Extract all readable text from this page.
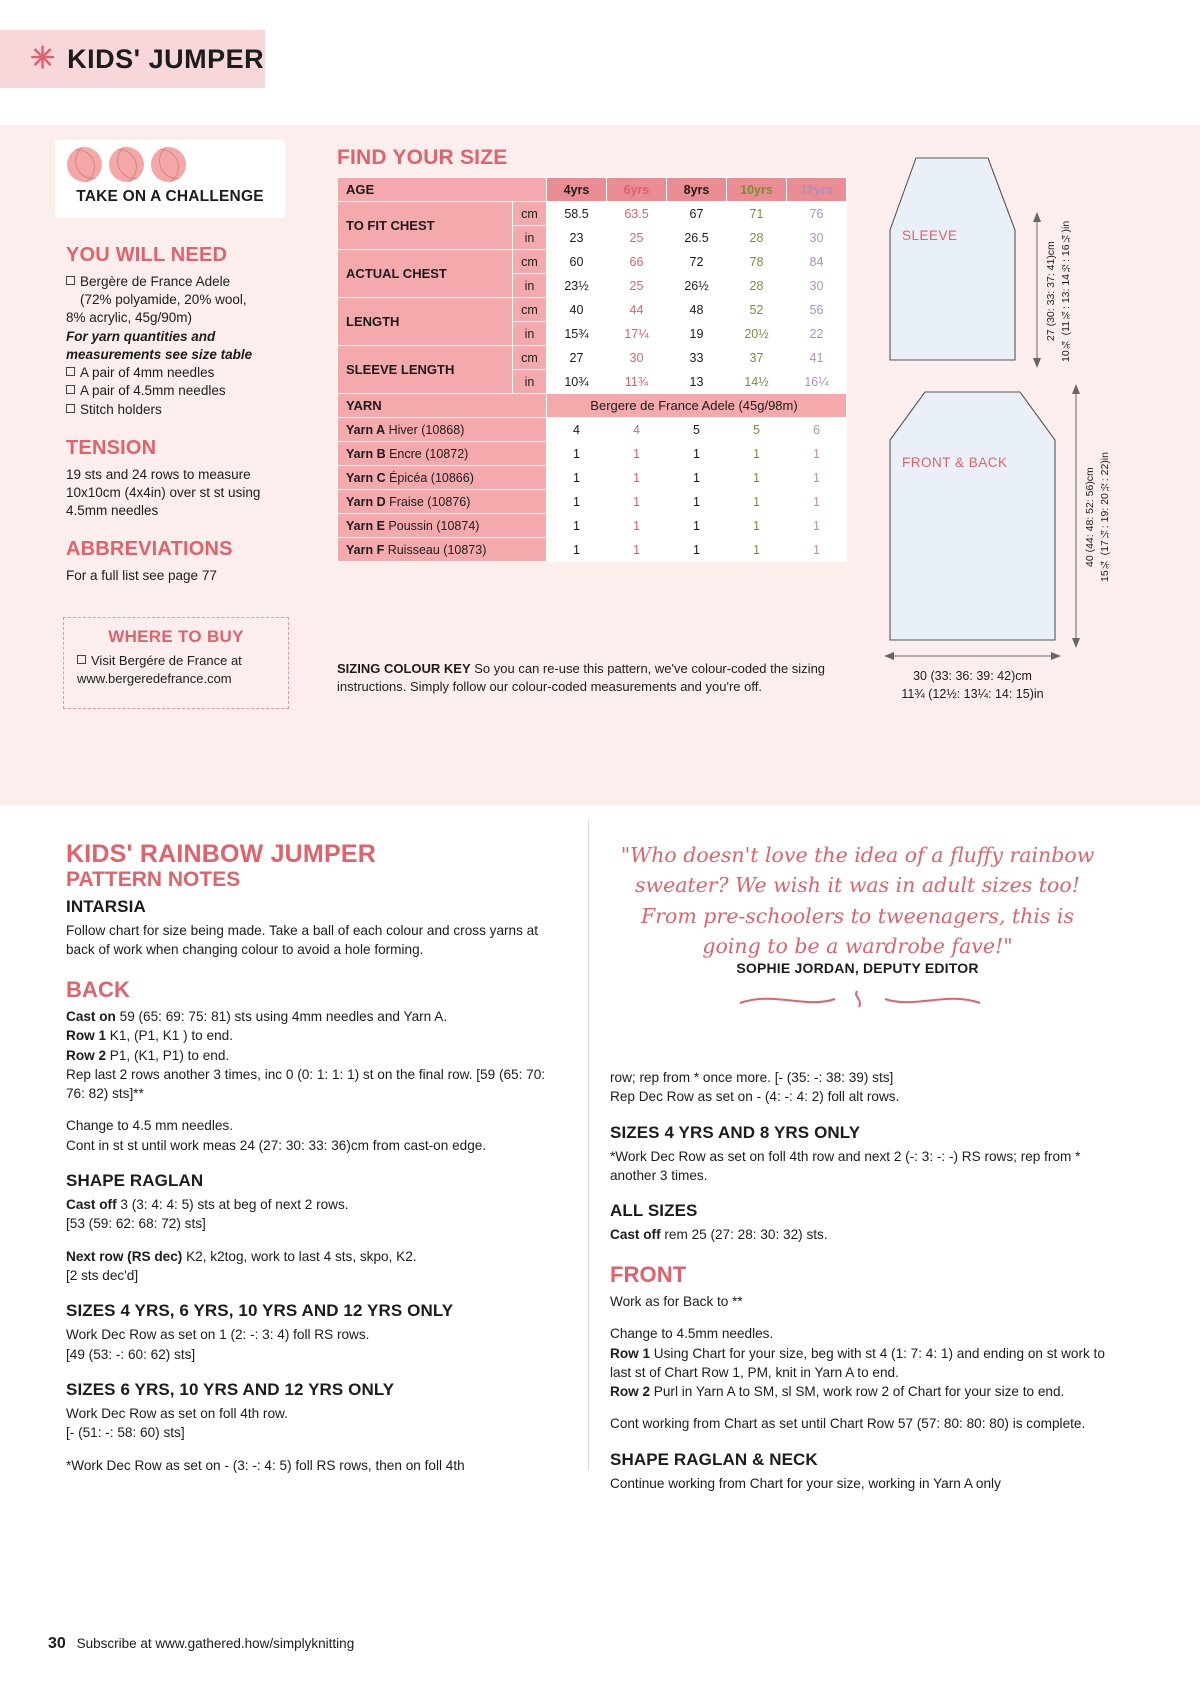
✳ KIDS' JUMPER
TAKE ON A CHALLENGE
YOU WILL NEED

Bergère de France Adele

(72% polyamide, 20% wool,

8% acrylic, 45g/90m)

For yarn quantities and

measurements see size table

A pair of 4mm needles

A pair of 4.5mm needles

Stitch holders

TENSION

19 sts and 24 rows to measure 10x10cm (4x4in) over st st using 4.5mm needles

ABBREVIATIONS

For a full list see page 77

WHERE TO BUY
Visit Bergére de France at
www.bergeredefrance.com
FIND YOUR SIZE
AGE		4yrs	6yrs	8yrs	10yrs	12yrs
TO FIT CHEST	cm	58.5	63.5	67	71	76
	in	23	25	26.5	28	30
ACTUAL CHEST	cm	60	66	72	78	84
	in	23½	25	26½	28	30
LENGTH	cm	40	44	48	52	56
	in	15¾	17¼	19	20½	22
SLEEVE LENGTH	cm	27	30	33	37	41
	in	10¾	11¾	13	14½	16¼
YARN		Bergere de France Adele (45g/98m)				
Yarn A Hiver (10868)		4	4	5	5	6
Yarn B Encre (10872)		1	1	1	1	1
Yarn C Épicéa (10866)		1	1	1	1	1
Yarn D Fraise (10876)		1	1	1	1	1
Yarn E Poussin (10874)		1	1	1	1	1
Yarn F Ruisseau (10873)		1	1	1	1	1
SIZING COLOUR KEY So you can re-use this pattern, we've colour-coded the sizing instructions. Simply follow our colour-coded measurements and you're off.
SLEEVE
FRONT & BACK
27 (30: 33: 37: 41)cm 10¾ (11¾: 13: 14½: 16¼)in
40 (44: 48: 52: 56)cm 15¾ (17¼: 19: 20½: 22)in
30 (33: 36: 39: 42)cm
11¾ (12½: 13¼: 14: 15)in
KIDS' RAINBOW JUMPER
PATTERN NOTES
INTARSIA

Follow chart for size being made. Take a ball of each colour and cross yarns at back of work when changing colour to avoid a hole forming.

BACK

Cast on 59 (65: 69: 75: 81) sts using 4mm needles and Yarn A.

Row 1 K1, (P1, K1 ) to end.

Row 2 P1, (K1, P1) to end.

Rep last 2 rows another 3 times, inc 0 (0: 1: 1: 1) st on the final row. [59 (65: 70: 76: 82) sts]**

Change to 4.5 mm needles.

Cont in st st until work meas 24 (27: 30: 33: 36)cm from cast-on edge.

SHAPE RAGLAN

Cast off 3 (3: 4: 4: 5) sts at beg of next 2 rows.

[53 (59: 62: 68: 72) sts]

Next row (RS dec) K2, k2tog, work to last 4 sts, skpo, K2.

[2 sts dec'd]

SIZES 4 YRS, 6 YRS, 10 YRS AND 12 YRS ONLY

Work Dec Row as set on 1 (2: -: 3: 4) foll RS rows.

[49 (53: -: 60: 62) sts]

SIZES 6 YRS, 10 YRS AND 12 YRS ONLY

Work Dec Row as set on foll 4th row.

[- (51: -: 58: 60) sts]

*Work Dec Row as set on - (3: -: 4: 5) foll RS rows, then on foll 4th

"Who doesn't love the idea of a fluffy rainbow sweater? We wish it was in adult sizes too! From pre-schoolers to tweenagers, this is going to be a wardrobe fave!"
SOPHIE JORDAN, DEPUTY EDITOR

row; rep from * once more. [- (35: -: 38: 39) sts]

Rep Dec Row as set on - (4: -: 4: 2) foll alt rows.

SIZES 4 YRS AND 8 YRS ONLY

*Work Dec Row as set on foll 4th row and next 2 (-: 3: -: -) RS rows; rep from * another 3 times.

ALL SIZES

Cast off rem 25 (27: 28: 30: 32) sts.

FRONT

Work as for Back to **

Change to 4.5mm needles.

Row 1 Using Chart for your size, beg with st 4 (1: 7: 4: 1) and ending on st work to last st of Chart Row 1, PM, knit in Yarn A to end.

Row 2 Purl in Yarn A to SM, sl SM, work row 2 of Chart for your size to end.

Cont working from Chart as set until Chart Row 57 (57: 80: 80: 80) is complete.

SHAPE RAGLAN & NECK

Continue working from Chart for your size, working in Yarn A only

30 Subscribe at www.gathered.how/simplyknitting
